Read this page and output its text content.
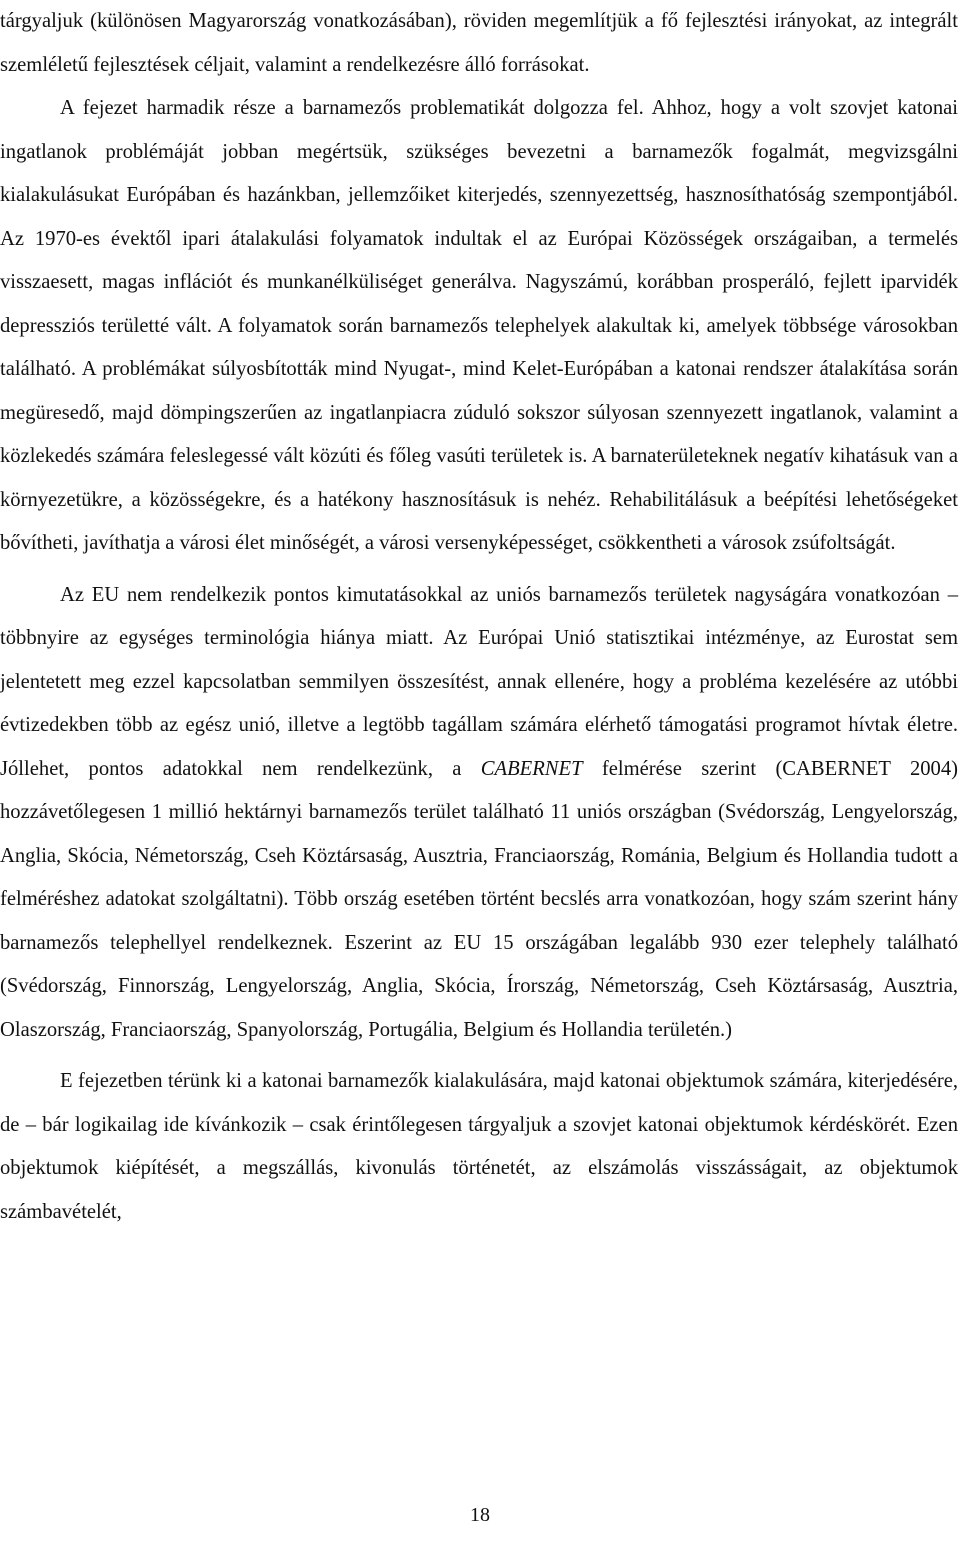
tárgyaljuk (különösen Magyarország vonatkozásában), röviden megemlítjük a fő fejlesztési irányokat, az integrált szemléletű fejlesztések céljait, valamint a rendelkezésre álló forrásokat.

A fejezet harmadik része a barnamezős problematikát dolgozza fel. Ahhoz, hogy a volt szovjet katonai ingatlanok problémáját jobban megértsük, szükséges bevezetni a barnamezők fogalmát, megvizsgálni kialakulásukat Európában és hazánkban, jellemzőiket kiterjedés, szennyezettség, hasznosíthatóság szempontjából. Az 1970-es évektől ipari átalakulási folyamatok indultak el az Európai Közösségek országaiban, a termelés visszaesett, magas inflációt és munkanélküliséget generálva. Nagyszámú, korábban prosperáló, fejlett iparvidék depressziós területté vált. A folyamatok során barnamezős telephelyek alakultak ki, amelyek többsége városokban található. A problémákat súlyosbították mind Nyugat-, mind Kelet-Európában a katonai rendszer átalakítása során megüresedő, majd dömpingszerűen az ingatlanpiacra zúduló sokszor súlyosan szennyezett ingatlanok, valamint a közlekedés számára feleslegessé vált közúti és főleg vasúti területek is. A barnaterületeknek negatív kihatásuk van a környezetükre, a közösségekre, és a hatékony hasznosításuk is nehéz. Rehabilitálásuk a beépítési lehetőségeket bővítheti, javíthatja a városi élet minőségét, a városi versenyképességet, csökkentheti a városok zsúfoltságát.

Az EU nem rendelkezik pontos kimutatásokkal az uniós barnamezős területek nagyságára vonatkozóan – többnyire az egységes terminológia hiánya miatt. Az Európai Unió statisztikai intézménye, az Eurostat sem jelentetett meg ezzel kapcsolatban semmilyen összesítést, annak ellenére, hogy a probléma kezelésére az utóbbi évtizedekben több az egész unió, illetve a legtöbb tagállam számára elérhető támogatási programot hívtak életre. Jóllehet, pontos adatokkal nem rendelkezünk, a CABERNET felmérése szerint (CABERNET 2004) hozzávetőlegesen 1 millió hektárnyi barnamezős terület található 11 uniós országban (Svédország, Lengyelország, Anglia, Skócia, Németország, Cseh Köztársaság, Ausztria, Franciaország, Románia, Belgium és Hollandia tudott a felméréshez adatokat szolgáltatni). Több ország esetében történt becslés arra vonatkozóan, hogy szám szerint hány barnamezős telephellyel rendelkeznek. Eszerint az EU 15 országában legalább 930 ezer telephely található (Svédország, Finnország, Lengyelország, Anglia, Skócia, Írország, Németország, Cseh Köztársaság, Ausztria, Olaszország, Franciaország, Spanyolország, Portugália, Belgium és Hollandia területén.)

E fejezetben térünk ki a katonai barnamezők kialakulására, majd katonai objektumok számára, kiterjedésére, de – bár logikailag ide kívánkozik – csak érintőlegesen tárgyaljuk a szovjet katonai objektumok kérdéskörét. Ezen objektumok kiépítését, a megszállás, kivonulás történetét, az elszámolás visszásságait, az objektumok számbavételét,

18
